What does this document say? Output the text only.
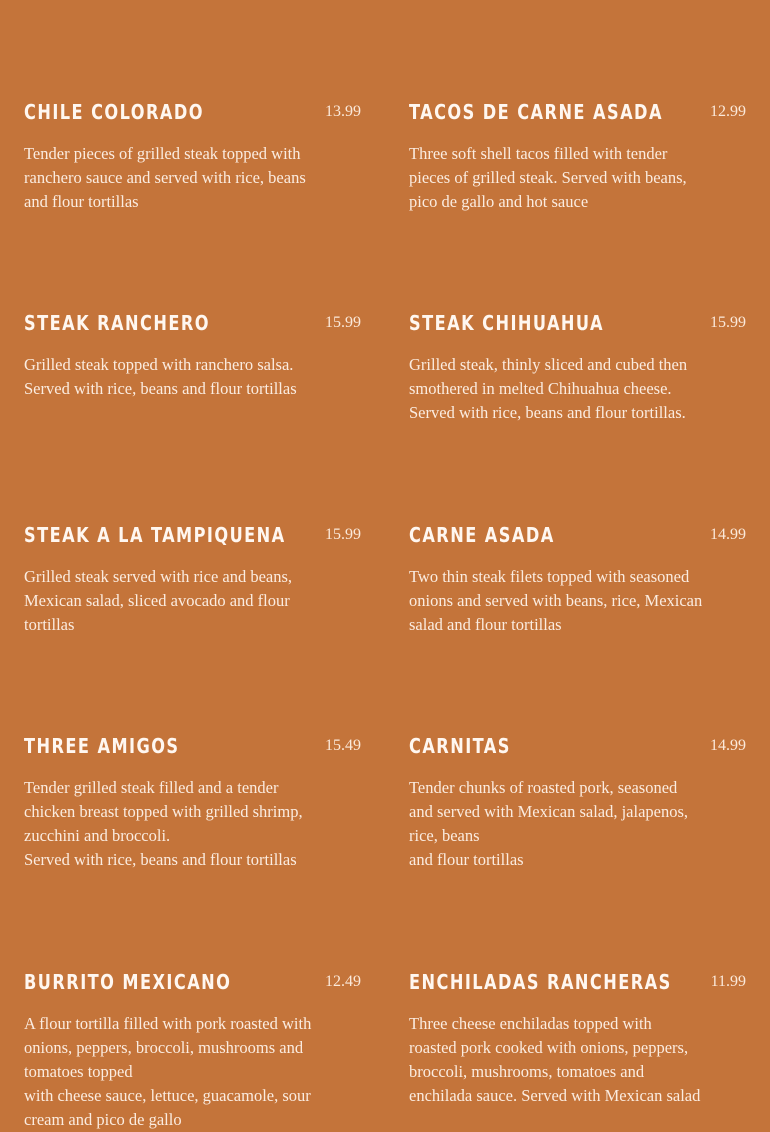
CHILE COLORADO	13.99
Tender pieces of grilled steak topped with
ranchero sauce and served with rice, beans
and flour tortillas
TACOS DE CARNE ASADA	12.99
Three soft shell tacos filled with tender
pieces of grilled steak. Served with beans,
pico de gallo and hot sauce
STEAK RANCHERO	15.99
Grilled steak topped with ranchero salsa.
Served with rice, beans and flour tortillas
STEAK CHIHUAHUA	15.99
Grilled steak, thinly sliced and cubed then
smothered in melted Chihuahua cheese.
Served with rice, beans and flour tortillas.
STEAK A LA TAMPIQUENA 15.99
Grilled steak served with rice and beans,
Mexican salad, sliced avocado and flour
tortillas
CARNE ASADA	14.99
Two thin steak filets topped with seasoned
onions and served with beans, rice, Mexican
salad and flour tortillas
THREE AMIGOS	15.49
Tender grilled steak filled and a tender
chicken breast topped with grilled shrimp,
zucchini and broccoli.
Served with rice, beans and flour tortillas
CARNITAS	14.99
Tender chunks of roasted pork, seasoned
and served with Mexican salad, jalapenos,
rice, beans
and flour tortillas
BURRITO MEXICANO	12.49
A flour tortilla filled with pork roasted with
onions, peppers, broccoli, mushrooms and
tomatoes topped
with cheese sauce, lettuce, guacamole, sour
cream and pico de gallo
ENCHILADAS RANCHERAS 11.99
Three cheese enchiladas topped with
roasted pork cooked with onions, peppers,
broccoli, mushrooms, tomatoes and
enchilada sauce. Served with Mexican salad
